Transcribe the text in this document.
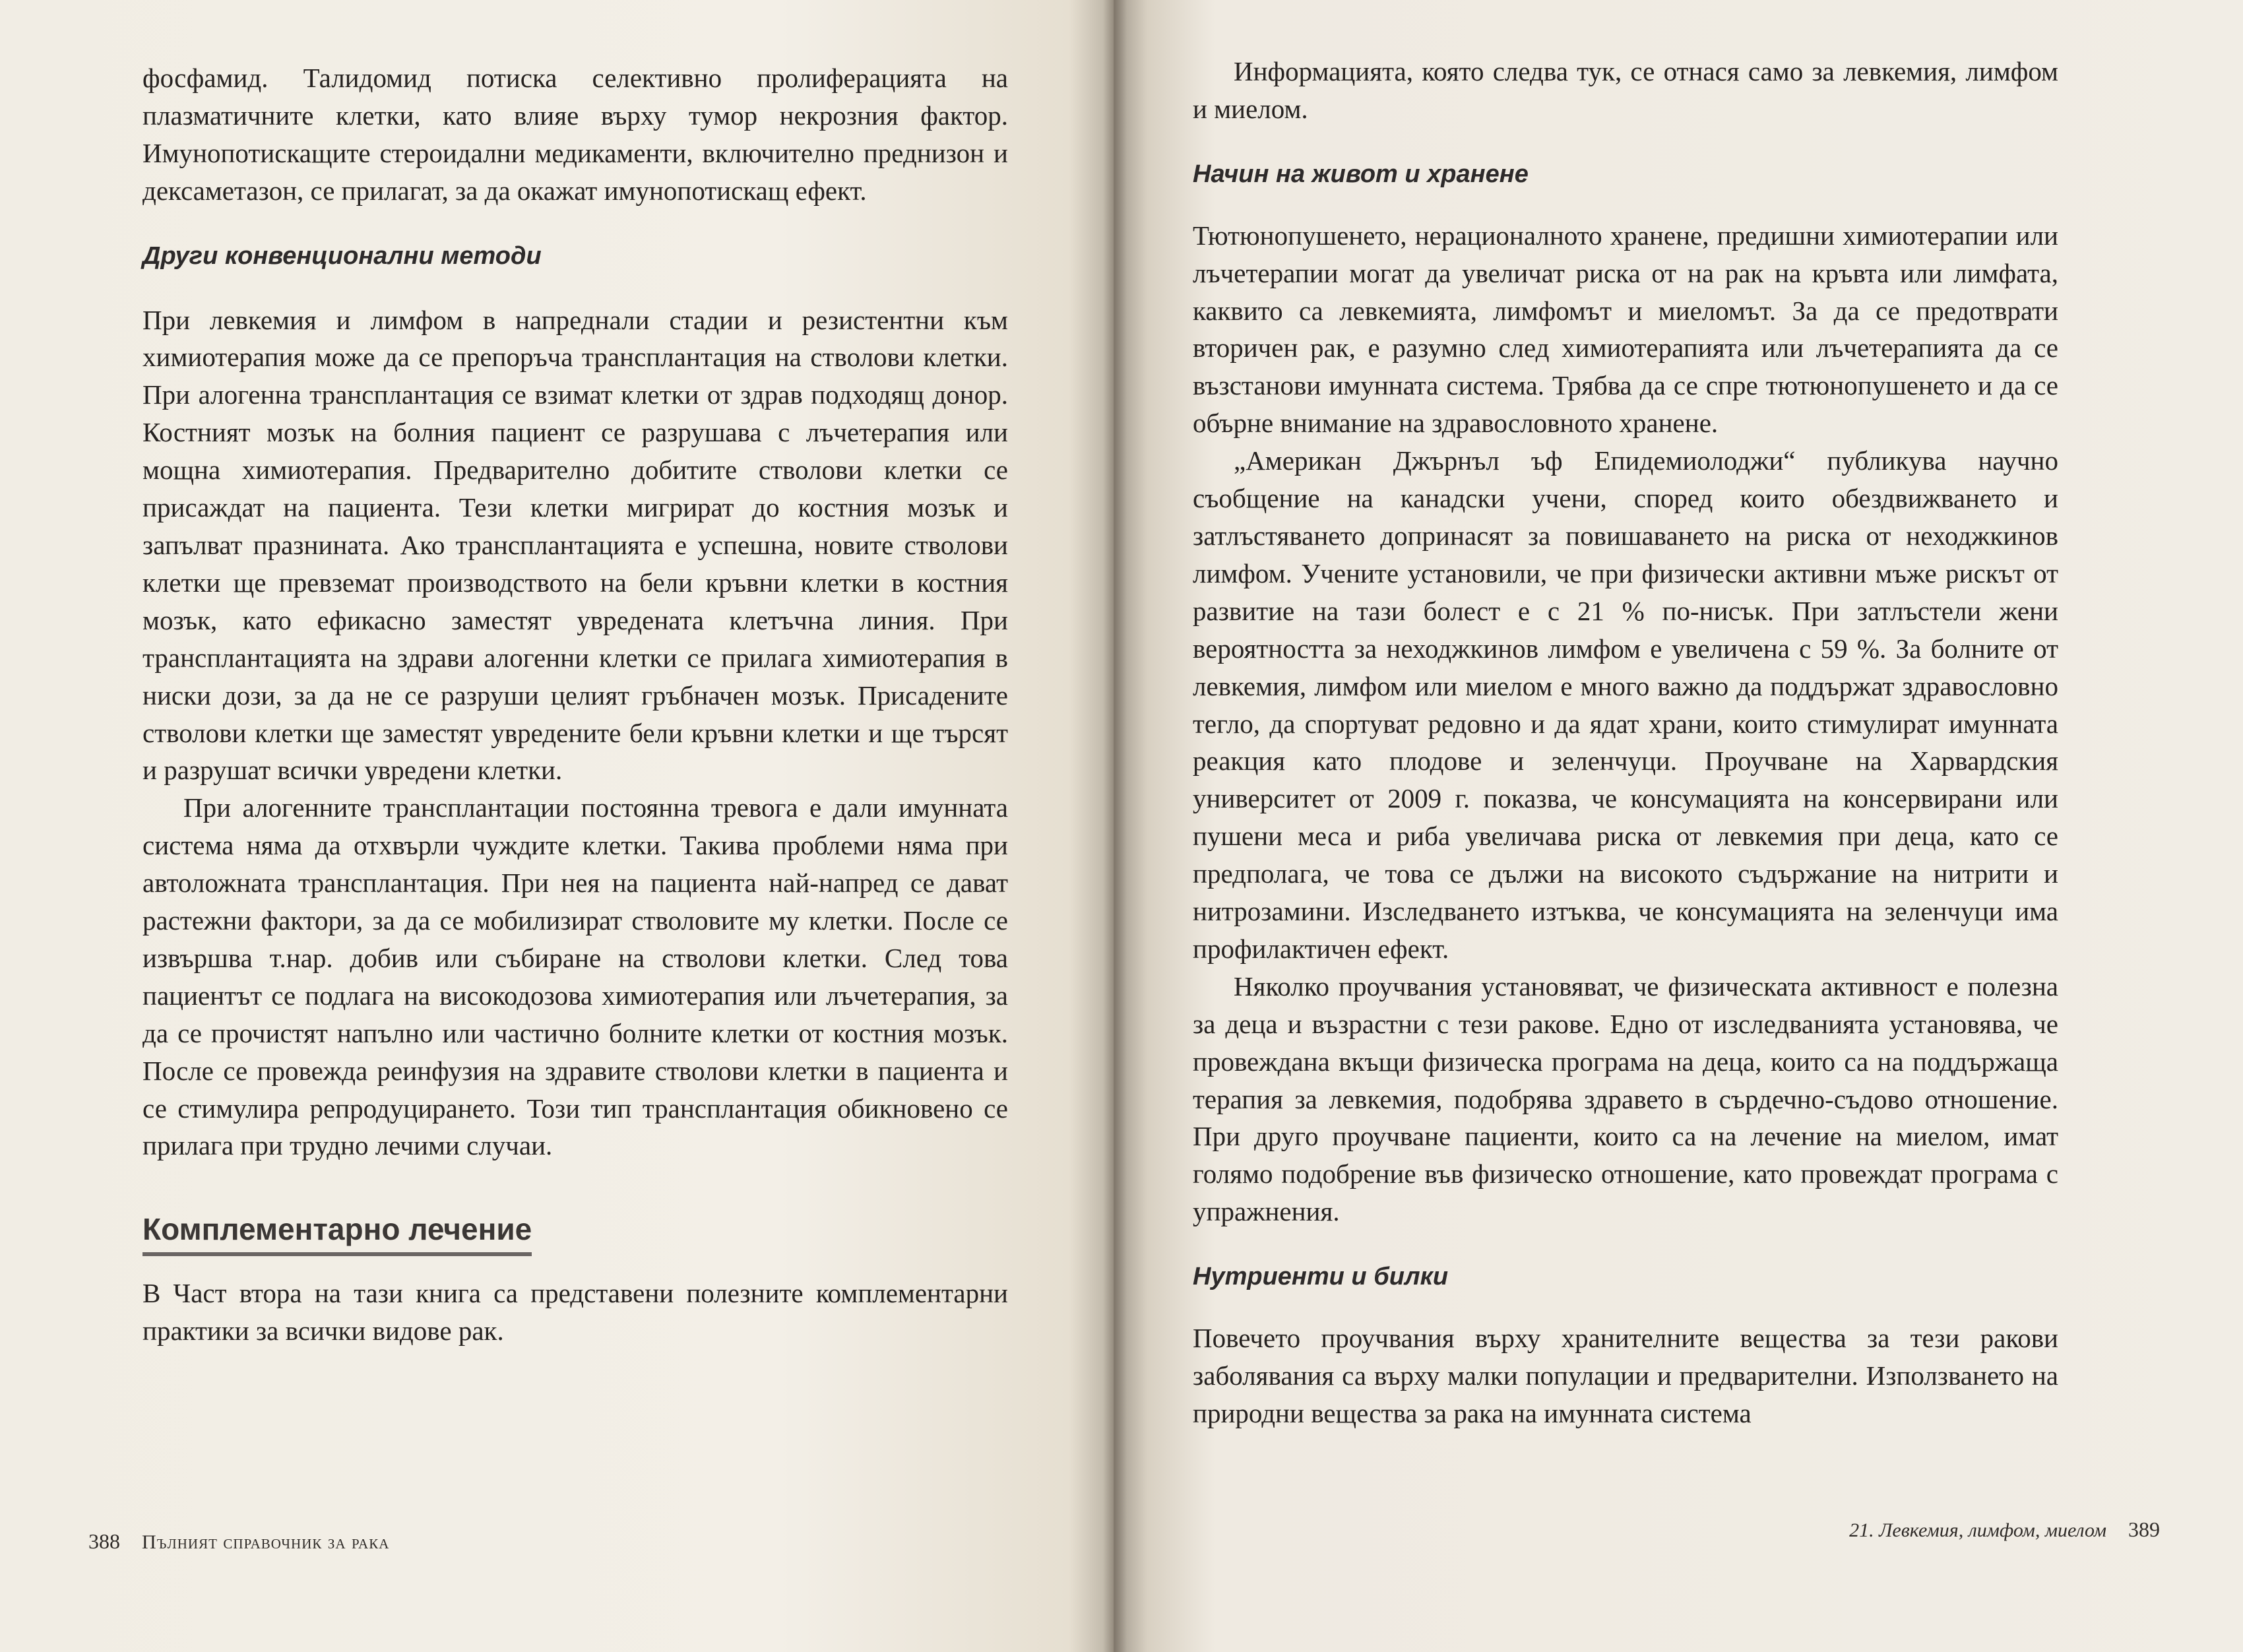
фосфамид. Талидомид потиска селективно пролиферацията на плазматичните клетки, като влияе върху тумор некрозния фактор. Имунопотискащите стероидални медикаменти, включително преднизон и дексаметазон, се прилагат, за да окажат имунопотискащ ефект.

Други конвенционални методи

При левкемия и лимфом в напреднали стадии и резистентни към химиотерапия може да се препоръча трансплантация на стволови клетки. При алогенна трансплантация се взимат клетки от здрав подходящ донор. Костният мозък на болния пациент се разрушава с лъчетерапия или мощна химиотерапия. Предварително добитите стволови клетки се присаждат на пациента. Тези клетки мигрират до костния мозък и запълват празнината. Ако трансплантацията е успешна, новите стволови клетки ще превземат производството на бели кръвни клетки в костния мозък, като ефикасно заместят увредената клетъчна линия. При трансплантацията на здрави алогенни клетки се прилага химиотерапия в ниски дози, за да не се разруши целият гръбначен мозък. Присадените стволови клетки ще заместят увредените бели кръвни клетки и ще търсят и разрушат всички увредени клетки.

При алогенните трансплантации постоянна тревога е дали имунната система няма да отхвърли чуждите клетки. Такива проблеми няма при автоложната трансплантация. При нея на пациента най-напред се дават растежни фактори, за да се мобилизират стволовите му клетки. После се извършва т.нар. добив или събиране на стволови клетки. След това пациентът се подлага на високодозова химиотерапия или лъчетерапия, за да се прочистят напълно или частично болните клетки от костния мозък. После се провежда реинфузия на здравите стволови клетки в пациента и се стимулира репродуцирането. Този тип трансплантация обикновено се прилага при трудно лечими случаи.

Комплементарно лечение

В Част втора на тази книга са представени полезните комплементарни практики за всички видове рак.

388 Пълният справочник за рака

Информацията, която следва тук, се отнася само за левкемия, лимфом и миелом.

Начин на живот и хранене

Тютюнопушенето, нерационалното хранене, предишни химиотерапии или лъчетерапии могат да увеличат риска от на рак на кръвта или лимфата, каквито са левкемията, лимфомът и миеломът. За да се предотврати вторичен рак, е разумно след химиотерапията или лъчетерапията да се възстанови имунната система. Трябва да се спре тютюнопушенето и да се обърне внимание на здравословното хранене.

„Американ Джърнъл ъф Епидемиолоджи“ публикува научно съобщение на канадски учени, според които обездвижването и затлъстяването допринасят за повишаването на риска от неходжкинов лимфом. Учените установили, че при физически активни мъже рискът от развитие на тази болест е с 21 % по-нисък. При затлъстели жени вероятността за неходжкинов лимфом е увеличена с 59 %. За болните от левкемия, лимфом или миелом е много важно да поддържат здравословно тегло, да спортуват редовно и да ядат храни, които стимулират имунната реакция като плодове и зеленчуци. Проучване на Харвардския университет от 2009 г. показва, че консумацията на консервирани или пушени меса и риба увеличава риска от левкемия при деца, като се предполага, че това се дължи на високото съдържание на нитрити и нитрозамини. Изследването изтъква, че консумацията на зеленчуци има профилактичен ефект.

Няколко проучвания установяват, че физическата активност е полезна за деца и възрастни с тези ракове. Едно от изследванията установява, че провеждана вкъщи физическа програма на деца, които са на поддържаща терапия за левкемия, подобрява здравето в сърдечно-съдово отношение. При друго проучване пациенти, които са на лечение на миелом, имат голямо подобрение във физическо отношение, като провеждат програма с упражнения.

Нутриенти и билки

Повечето проучвания върху хранителните вещества за тези ракови заболявания са върху малки популации и предварителни. Използването на природни вещества за рака на имунната система

21. Левкемия, лимфом, миелом 389
